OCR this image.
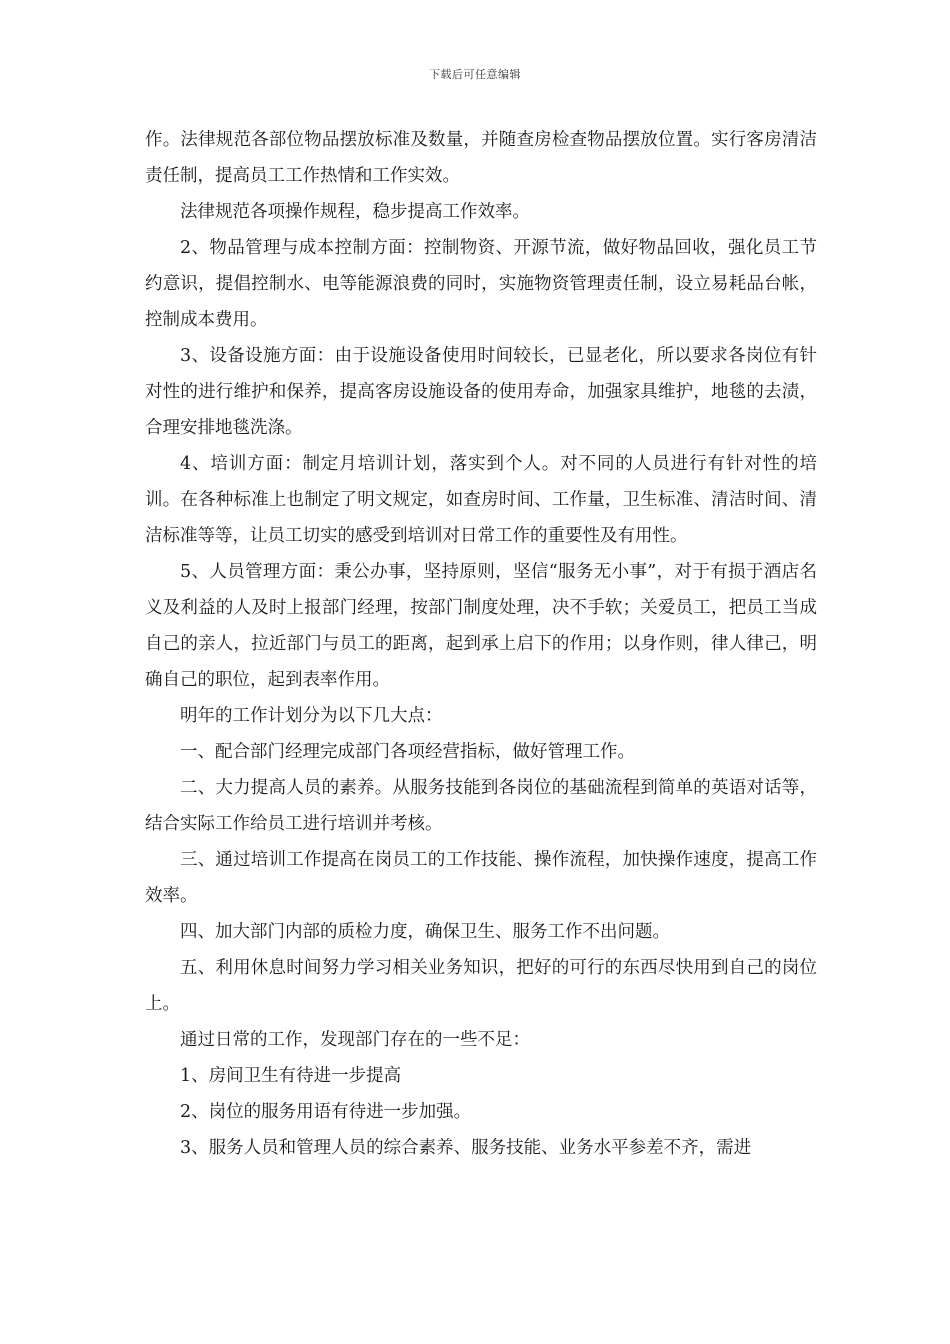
下载后可任意编辑

作。法律规范各部位物品摆放标准及数量，并随查房检查物品摆放位置。实行客房清洁责任制，提高员工工作热情和工作实效。

法律规范各项操作规程，稳步提高工作效率。

2、物品管理与成本控制方面：控制物资、开源节流，做好物品回收，强化员工节约意识，提倡控制水、电等能源浪费的同时，实施物资管理责任制，设立易耗品台帐，控制成本费用。

3、设备设施方面：由于设施设备使用时间较长，已显老化，所以要求各岗位有针对性的进行维护和保养，提高客房设施设备的使用寿命，加强家具维护，地毯的去渍，合理安排地毯洗涤。

4、培训方面：制定月培训计划，落实到个人。对不同的人员进行有针对性的培训。在各种标准上也制定了明文规定，如查房时间、工作量，卫生标准、清洁时间、清洁标准等等，让员工切实的感受到培训对日常工作的重要性及有用性。

5、人员管理方面：秉公办事，坚持原则，坚信“服务无小事”，对于有损于酒店名义及利益的人及时上报部门经理，按部门制度处理，决不手软；关爱员工，把员工当成自己的亲人，拉近部门与员工的距离，起到承上启下的作用；以身作则，律人律己，明确自己的职位，起到表率作用。

明年的工作计划分为以下几大点：

一、配合部门经理完成部门各项经营指标，做好管理工作。

二、大力提高人员的素养。从服务技能到各岗位的基础流程到简单的英语对话等，结合实际工作给员工进行培训并考核。

三、通过培训工作提高在岗员工的工作技能、操作流程，加快操作速度，提高工作效率。

四、加大部门内部的质检力度，确保卫生、服务工作不出问题。

五、利用休息时间努力学习相关业务知识，把好的可行的东西尽快用到自己的岗位上。

通过日常的工作，发现部门存在的一些不足：

1、房间卫生有待进一步提高

2、岗位的服务用语有待进一步加强。

3、服务人员和管理人员的综合素养、服务技能、业务水平参差不齐，需进
